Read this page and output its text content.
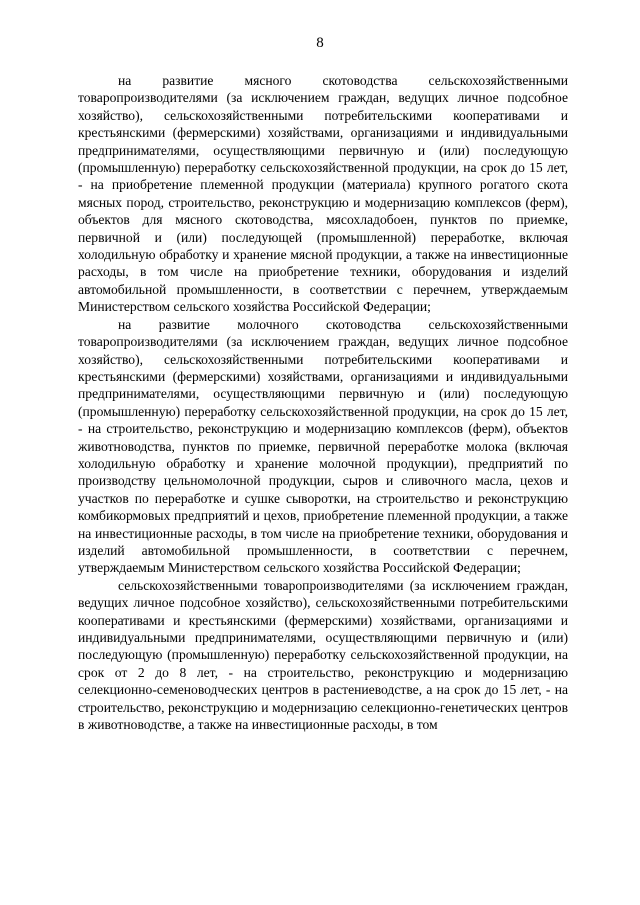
8

на развитие мясного скотоводства сельскохозяйственными товаропроизводителями (за исключением граждан, ведущих личное подсобное хозяйство), сельскохозяйственными потребительскими кооперативами и крестьянскими (фермерскими) хозяйствами, организациями и индивидуальными предпринимателями, осуществляющими первичную и (или) последующую (промышленную) переработку сельскохозяйственной продукции, на срок до 15 лет, - на приобретение племенной продукции (материала) крупного рогатого скота мясных пород, строительство, реконструкцию и модернизацию комплексов (ферм), объектов для мясного скотоводства, мясохладобоен, пунктов по приемке, первичной и (или) последующей (промышленной) переработке, включая холодильную обработку и хранение мясной продукции, а также на инвестиционные расходы, в том числе на приобретение техники, оборудования и изделий автомобильной промышленности, в соответствии с перечнем, утверждаемым Министерством сельского хозяйства Российской Федерации;

на развитие молочного скотоводства сельскохозяйственными товаропроизводителями (за исключением граждан, ведущих личное подсобное хозяйство), сельскохозяйственными потребительскими кооперативами и крестьянскими (фермерскими) хозяйствами, организациями и индивидуальными предпринимателями, осуществляющими первичную и (или) последующую (промышленную) переработку сельскохозяйственной продукции, на срок до 15 лет, - на строительство, реконструкцию и модернизацию комплексов (ферм), объектов животноводства, пунктов по приемке, первичной переработке молока (включая холодильную обработку и хранение молочной продукции), предприятий по производству цельномолочной продукции, сыров и сливочного масла, цехов и участков по переработке и сушке сыворотки, на строительство и реконструкцию комбикормовых предприятий и цехов, приобретение племенной продукции, а также на инвестиционные расходы, в том числе на приобретение техники, оборудования и изделий автомобильной промышленности, в соответствии с перечнем, утверждаемым Министерством сельского хозяйства Российской Федерации;

сельскохозяйственными товаропроизводителями (за исключением граждан, ведущих личное подсобное хозяйство), сельскохозяйственными потребительскими кооперативами и крестьянскими (фермерскими) хозяйствами, организациями и индивидуальными предпринимателями, осуществляющими первичную и (или) последующую (промышленную) переработку сельскохозяйственной продукции, на срок от 2 до 8 лет, - на строительство, реконструкцию и модернизацию селекционно-семеноводческих центров в растениеводстве, а на срок до 15 лет, - на строительство, реконструкцию и модернизацию селекционно-генетических центров в животноводстве, а также на инвестиционные расходы, в том
